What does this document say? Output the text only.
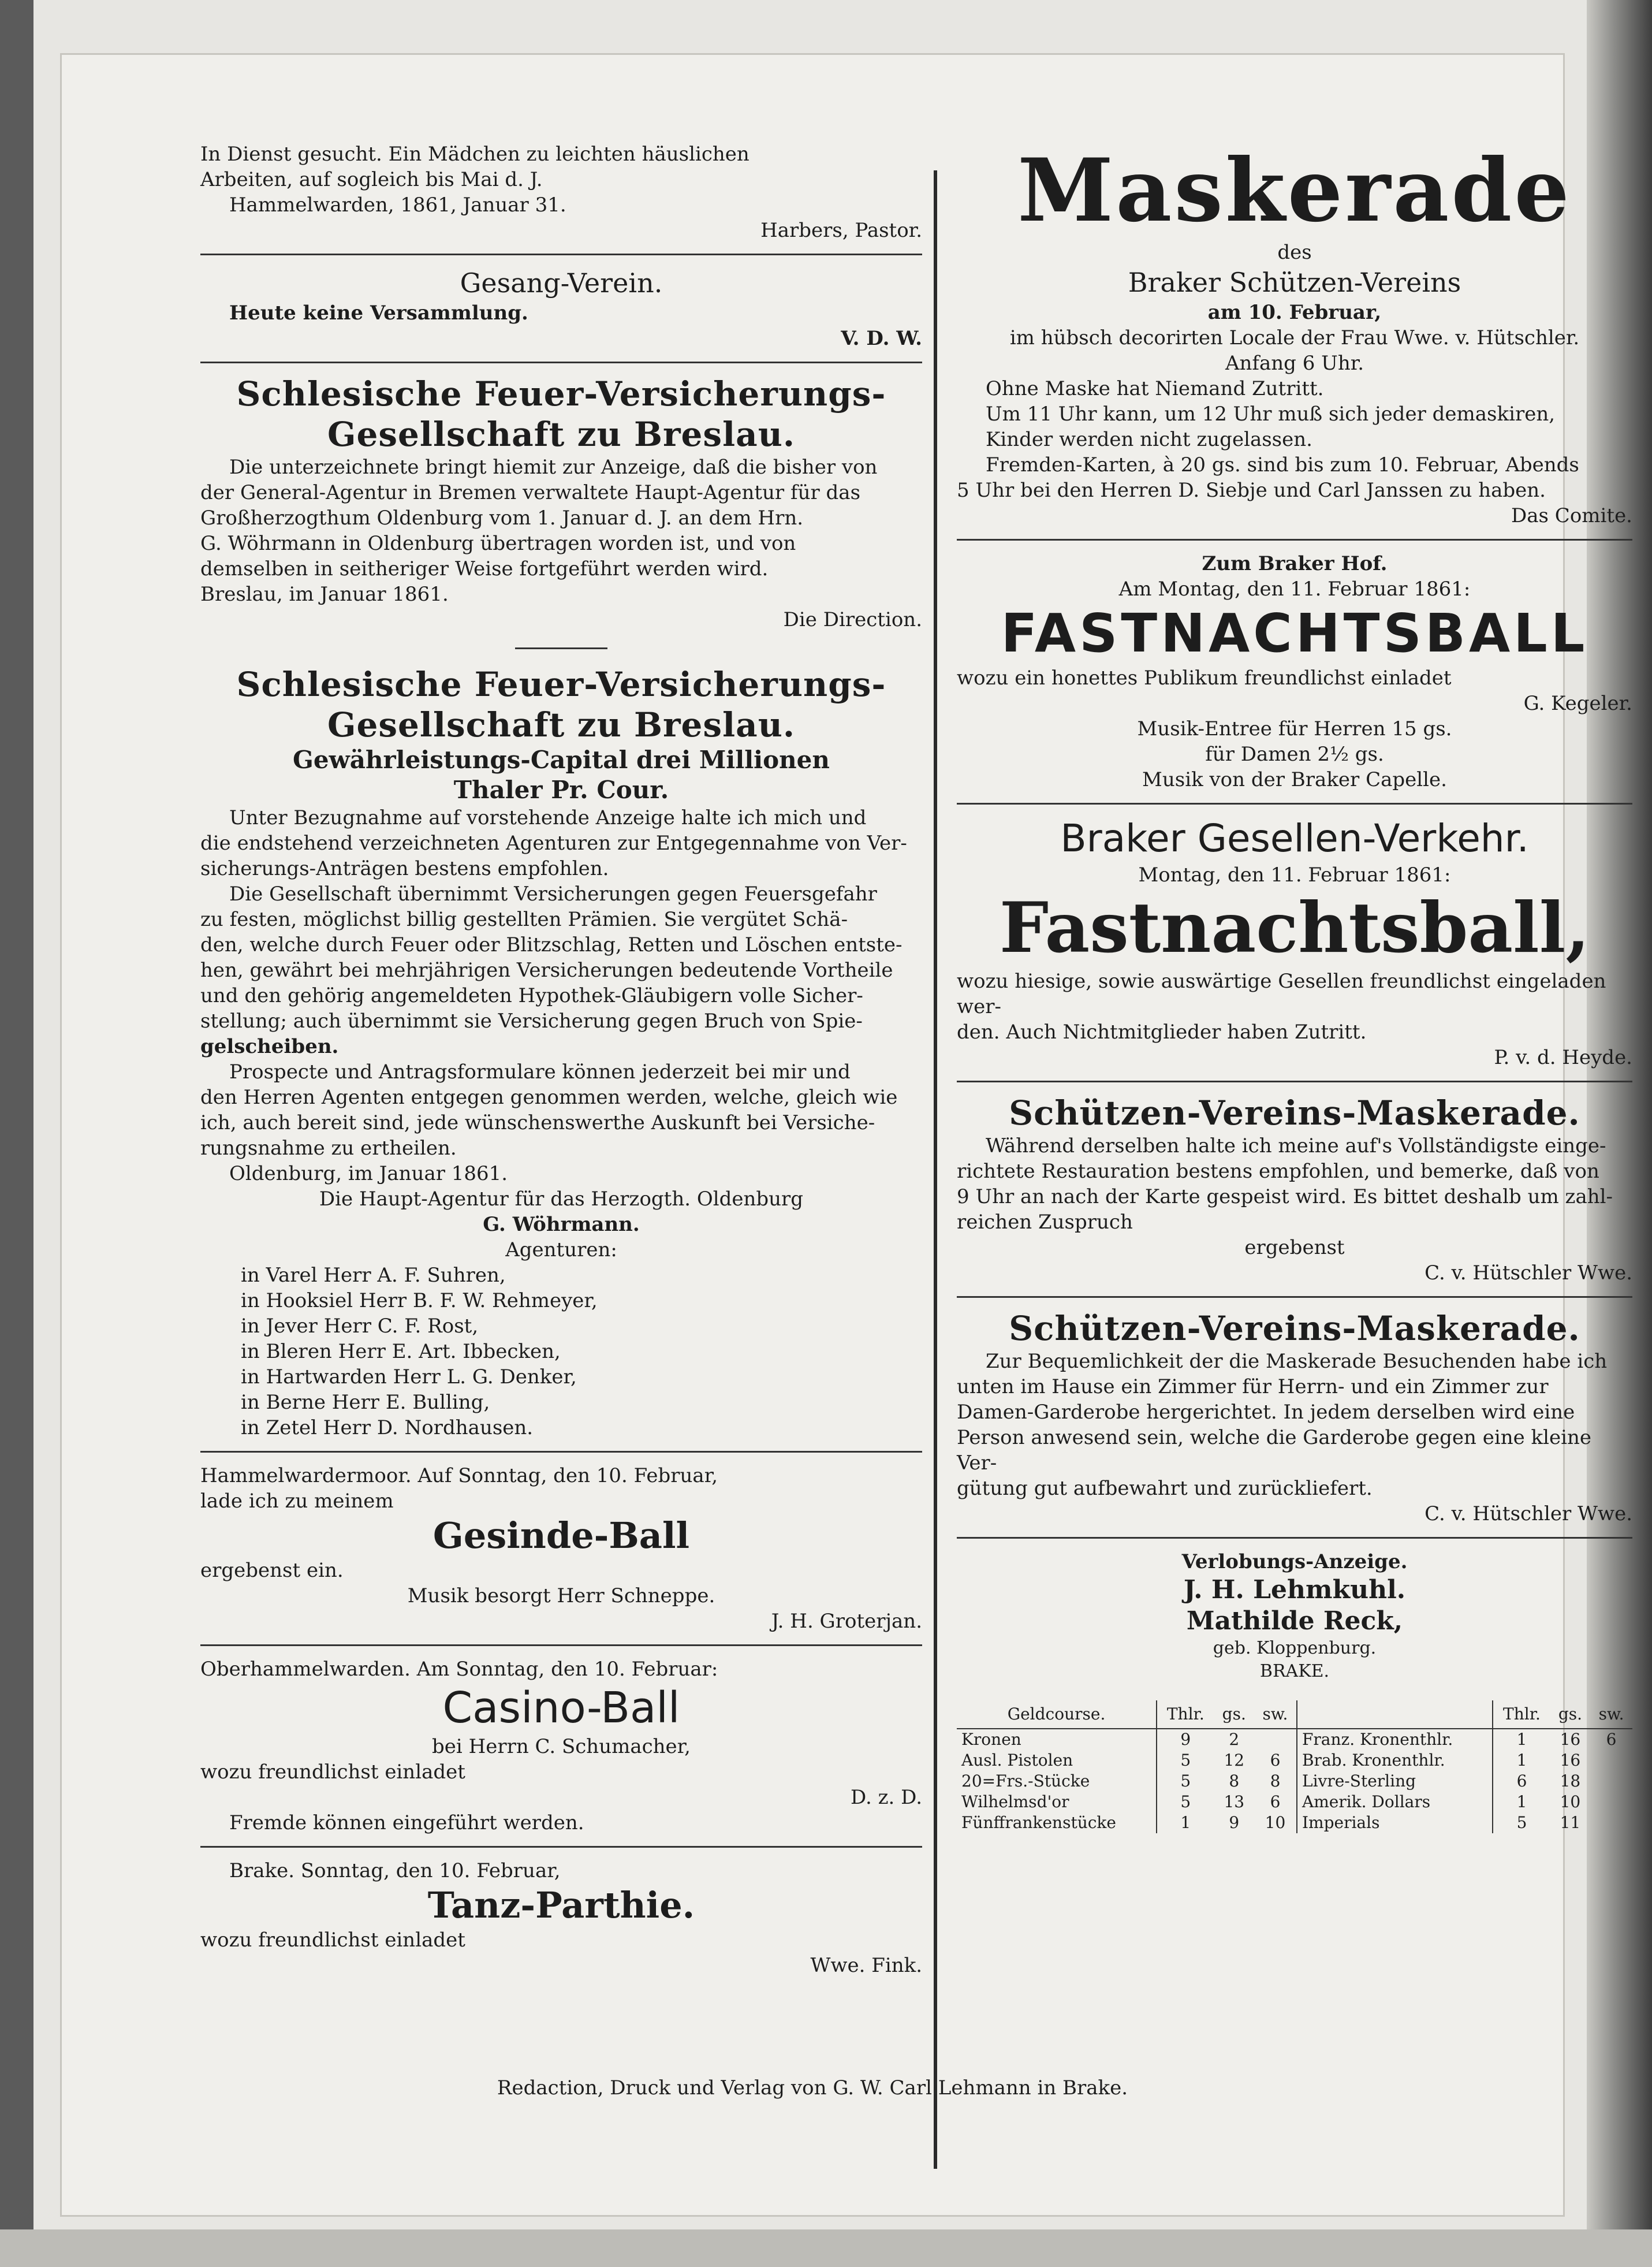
In Dienst gesucht. Ein Mädchen zu leichten häuslichen
Arbeiten, auf sogleich bis Mai d. J.
Hammelwarden, 1861, Januar 31.
Harbers, Pastor.
Gesang-Verein.
Heute keine Versammlung.
V. D. W.
Schlesische Feuer-Versicherungs-
Gesellschaft zu Breslau.
Die unterzeichnete bringt hiemit zur Anzeige, daß die bisher von
der General-Agentur in Bremen verwaltete Haupt-Agentur für das
Großherzogthum Oldenburg vom 1. Januar d. J. an dem Hrn.
G. Wöhrmann in Oldenburg übertragen worden ist, und von
demselben in seitheriger Weise fortgeführt werden wird.
Breslau, im Januar 1861.
Die Direction.
Schlesische Feuer-Versicherungs-
Gesellschaft zu Breslau.
Gewährleistungs-Capital drei Millionen
Thaler Pr. Cour.
Unter Bezugnahme auf vorstehende Anzeige halte ich mich und
die endstehend verzeichneten Agenturen zur Entgegennahme von Ver-
sicherungs-Anträgen bestens empfohlen.
Die Gesellschaft übernimmt Versicherungen gegen Feuersgefahr
zu festen, möglichst billig gestellten Prämien. Sie vergütet Schä-
den, welche durch Feuer oder Blitzschlag, Retten und Löschen entste-
hen, gewährt bei mehrjährigen Versicherungen bedeutende Vortheile
und den gehörig angemeldeten Hypothek-Gläubigern volle Sicher-
stellung; auch übernimmt sie Versicherung gegen Bruch von Spie-
gelscheiben.
Prospecte und Antragsformulare können jederzeit bei mir und
den Herren Agenten entgegen genommen werden, welche, gleich wie
ich, auch bereit sind, jede wünschenswerthe Auskunft bei Versiche-
rungsnahme zu ertheilen.
Oldenburg, im Januar 1861.
Die Haupt-Agentur für das Herzogth. Oldenburg
G. Wöhrmann.
Agenturen:
in Varel Herr A. F. Suhren,
in Hooksiel Herr B. F. W. Rehmeyer,
in Jever Herr C. F. Rost,
in Bleren Herr E. Art. Ibbecken,
in Hartwarden Herr L. G. Denker,
in Berne Herr E. Bulling,
in Zetel Herr D. Nordhausen.
Hammelwardermoor. Auf Sonntag, den 10. Februar,
lade ich zu meinem
Gesinde-Ball
ergebenst ein.
Musik besorgt Herr Schneppe.
J. H. Groterjan.
Oberhammelwarden. Am Sonntag, den 10. Februar:
Casino-Ball
bei Herrn C. Schumacher,
wozu freundlichst einladet
D. z. D.
Fremde können eingeführt werden.
Brake. Sonntag, den 10. Februar,
Tanz-Parthie.
wozu freundlichst einladet
Wwe. Fink.
Maskerade
des
Braker Schützen-Vereins
am 10. Februar,
im hübsch decorirten Locale der Frau Wwe. v. Hütschler.
Anfang 6 Uhr.
Ohne Maske hat Niemand Zutritt.
Um 11 Uhr kann, um 12 Uhr muß sich jeder demaskiren,
Kinder werden nicht zugelassen.
Fremden-Karten, à 20 gs. sind bis zum 10. Februar, Abends
5 Uhr bei den Herren D. Siebje und Carl Janssen zu haben.
Das Comite.
Zum Braker Hof.
Am Montag, den 11. Februar 1861:
FASTNACHTSBALL
wozu ein honettes Publikum freundlichst einladet
G. Kegeler.
Musik-Entree für Herren 15 gs.
für Damen 2½ gs.
Musik von der Braker Capelle.
Braker Gesellen-Verkehr.
Montag, den 11. Februar 1861:
Fastnachtsball,
wozu hiesige, sowie auswärtige Gesellen freundlichst eingeladen wer-
den. Auch Nichtmitglieder haben Zutritt.
P. v. d. Heyde.
Schützen-Vereins-Maskerade.
Während derselben halte ich meine auf's Vollständigste einge-
richtete Restauration bestens empfohlen, und bemerke, daß von
9 Uhr an nach der Karte gespeist wird. Es bittet deshalb um zahl-
reichen Zuspruch
ergebenst
C. v. Hütschler Wwe.
Schützen-Vereins-Maskerade.
Zur Bequemlichkeit der die Maskerade Besuchenden habe ich
unten im Hause ein Zimmer für Herrn- und ein Zimmer zur
Damen-Garderobe hergerichtet. In jedem derselben wird eine
Person anwesend sein, welche die Garderobe gegen eine kleine Ver-
gütung gut aufbewahrt und zurückliefert.
C. v. Hütschler Wwe.
Verlobungs-Anzeige.
J. H. Lehmkuhl.
Mathilde Reck,
geb. Kloppenburg.
BRAKE.
Geldcourse.	Thlr.	gs.	sw.		Thlr.	gs.	sw.
Kronen	9	2		Franz. Kronenthlr.	1	16	6
Ausl. Pistolen	5	12	6	Brab. Kronenthlr.	1	16	
20=Frs.-Stücke	5	8	8	Livre-Sterling	6	18	
Wilhelmsd'or	5	13	6	Amerik. Dollars	1	10	
Fünffrankenstücke	1	9	10	Imperials	5	11	
Redaction, Druck und Verlag von G. W. Carl Lehmann in Brake.
